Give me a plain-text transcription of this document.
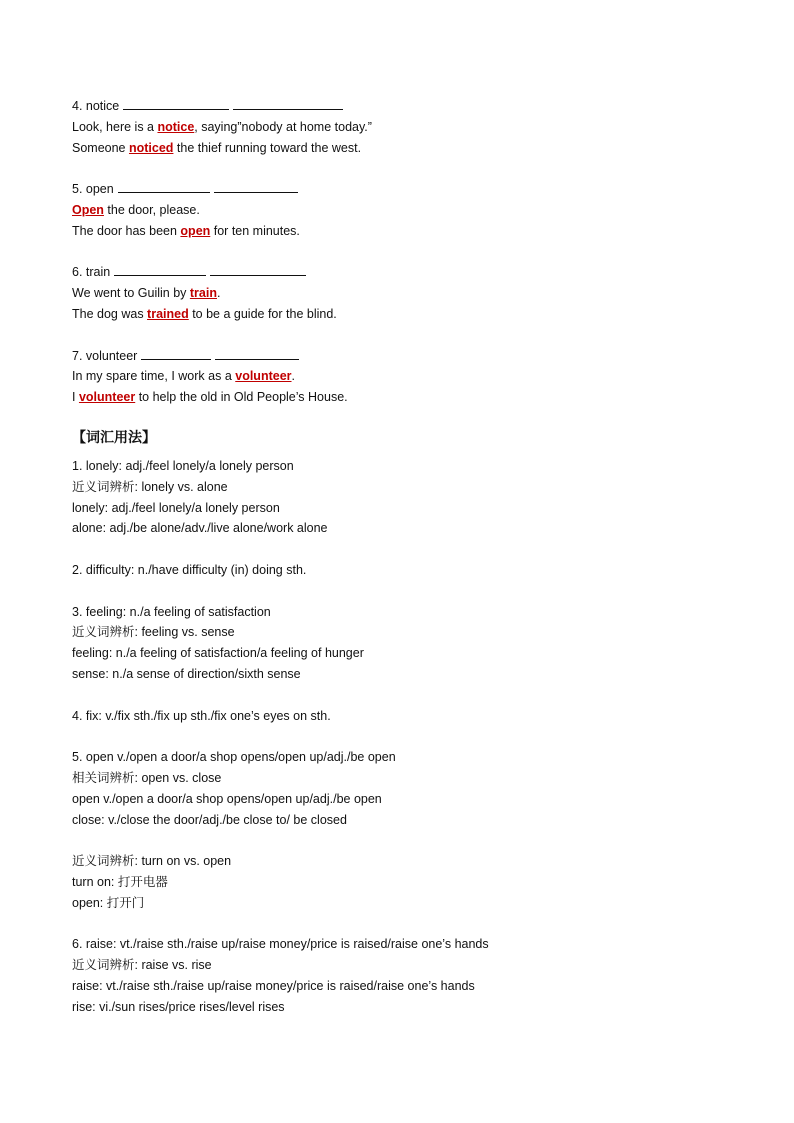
4. notice
Look, here is a notice, saying”nobody at home today.”
Someone noticed the thief running toward the west.
5. open
Open the door, please.
The door has been open for ten minutes.
6. train
We went to Guilin by train.
The dog was trained to be a guide for the blind.
7. volunteer
In my spare time, I work as a volunteer.
I volunteer to help the old in Old People’s House.
【词汇用法】
1. lonely: adj./feel lonely/a lonely person
近义词辨析: lonely vs. alone
lonely: adj./feel lonely/a lonely person
alone: adj./be alone/adv./live alone/work alone
2. difficulty: n./have difficulty (in) doing sth.
3. feeling: n./a feeling of satisfaction
近义词辨析: feeling vs. sense
feeling: n./a feeling of satisfaction/a feeling of hunger
sense: n./a sense of direction/sixth sense
4. fix: v./fix sth./fix up sth./fix one’s eyes on sth.
5. open v./open a door/a shop opens/open up/adj./be open
相关词辨析: open vs. close
open v./open a door/a shop opens/open up/adj./be open
close: v./close the door/adj./be close to/ be closed
近义词辨析: turn on vs. open
turn on: 打开电器
open: 打开门
6. raise: vt./raise sth./raise up/raise money/price is raised/raise one’s hands
近义词辨析: raise vs. rise
raise: vt./raise sth./raise up/raise money/price is raised/raise one’s hands
rise: vi./sun rises/price rises/level rises
